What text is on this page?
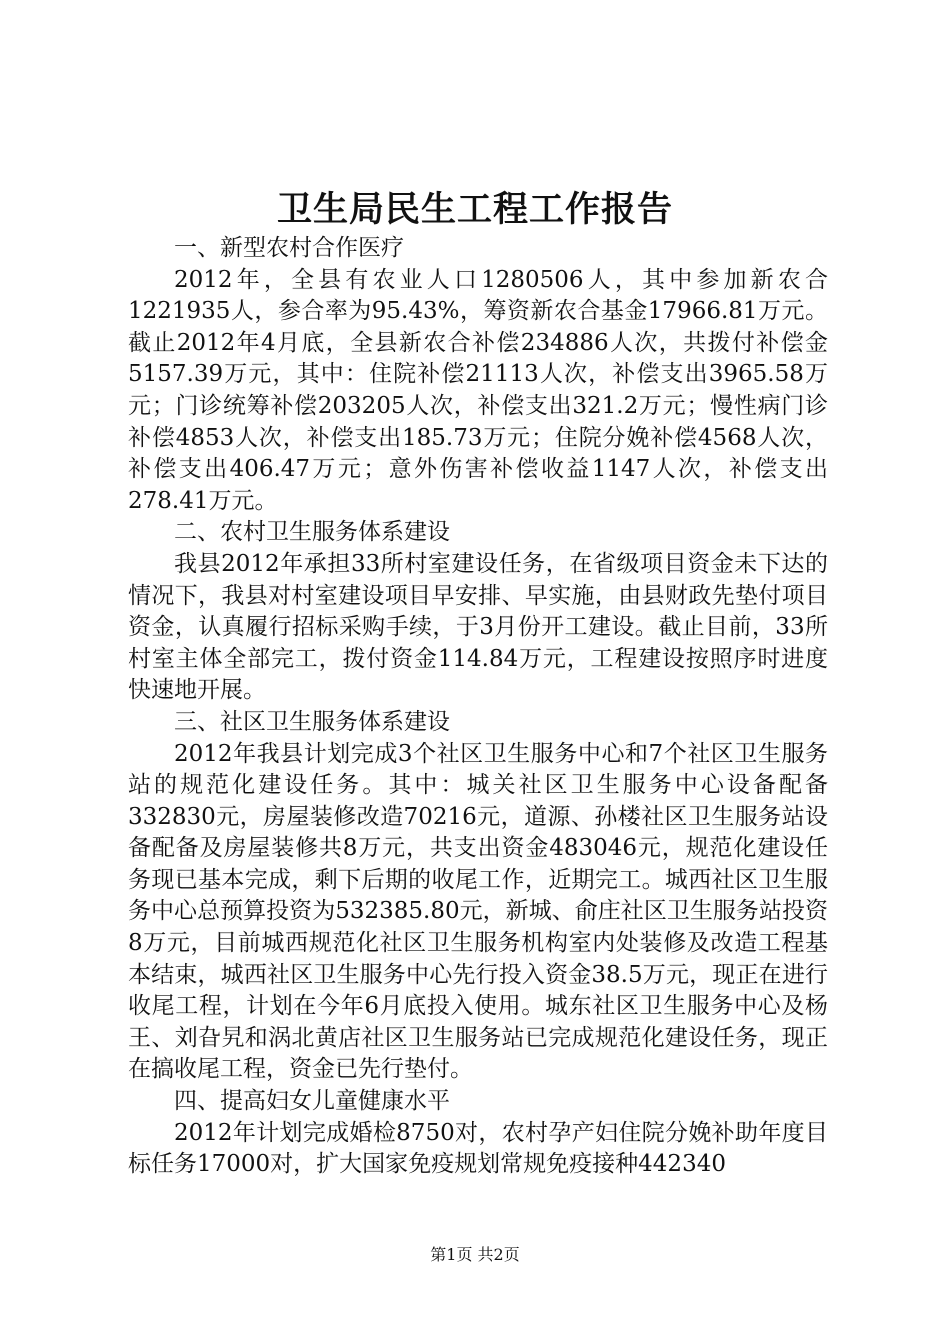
卫生局民生工程工作报告

一、新型农村合作医疗

2012年，全县有农业人口1280506人，其中参加新农合1221935人，参合率为95.43%，筹资新农合基金17966.81万元。截止2012年4月底，全县新农合补偿234886人次，共拨付补偿金5157.39万元，其中：住院补偿21113人次，补偿支出3965.58万元；门诊统筹补偿203205人次，补偿支出321.2万元；慢性病门诊补偿4853人次，补偿支出185.73万元；住院分娩补偿4568人次，补偿支出406.47万元；意外伤害补偿收益1147人次，补偿支出278.41万元。

二、农村卫生服务体系建设

我县2012年承担33所村室建设任务，在省级项目资金未下达的情况下，我县对村室建设项目早安排、早实施，由县财政先垫付项目资金，认真履行招标采购手续，于3月份开工建设。截止目前，33所村室主体全部完工，拨付资金114.84万元，工程建设按照序时进度快速地开展。

三、社区卫生服务体系建设

2012年我县计划完成3个社区卫生服务中心和7个社区卫生服务站的规范化建设任务。其中：城关社区卫生服务中心设备配备332830元，房屋装修改造70216元，道源、孙楼社区卫生服务站设备配备及房屋装修共8万元，共支出资金483046元，规范化建设任务现已基本完成，剩下后期的收尾工作，近期完工。城西社区卫生服务中心总预算投资为532385.80元，新城、俞庄社区卫生服务站投资8万元，目前城西规范化社区卫生服务机构室内处装修及改造工程基本结束，城西社区卫生服务中心先行投入资金38.5万元，现正在进行收尾工程，计划在今年6月底投入使用。城东社区卫生服务中心及杨王、刘旮旯和涡北黄店社区卫生服务站已完成规范化建设任务，现正在搞收尾工程，资金已先行垫付。

四、提高妇女儿童健康水平

2012年计划完成婚检8750对，农村孕产妇住院分娩补助年度目标任务17000对，扩大国家免疫规划常规免疫接种442340

第1页 共2页
